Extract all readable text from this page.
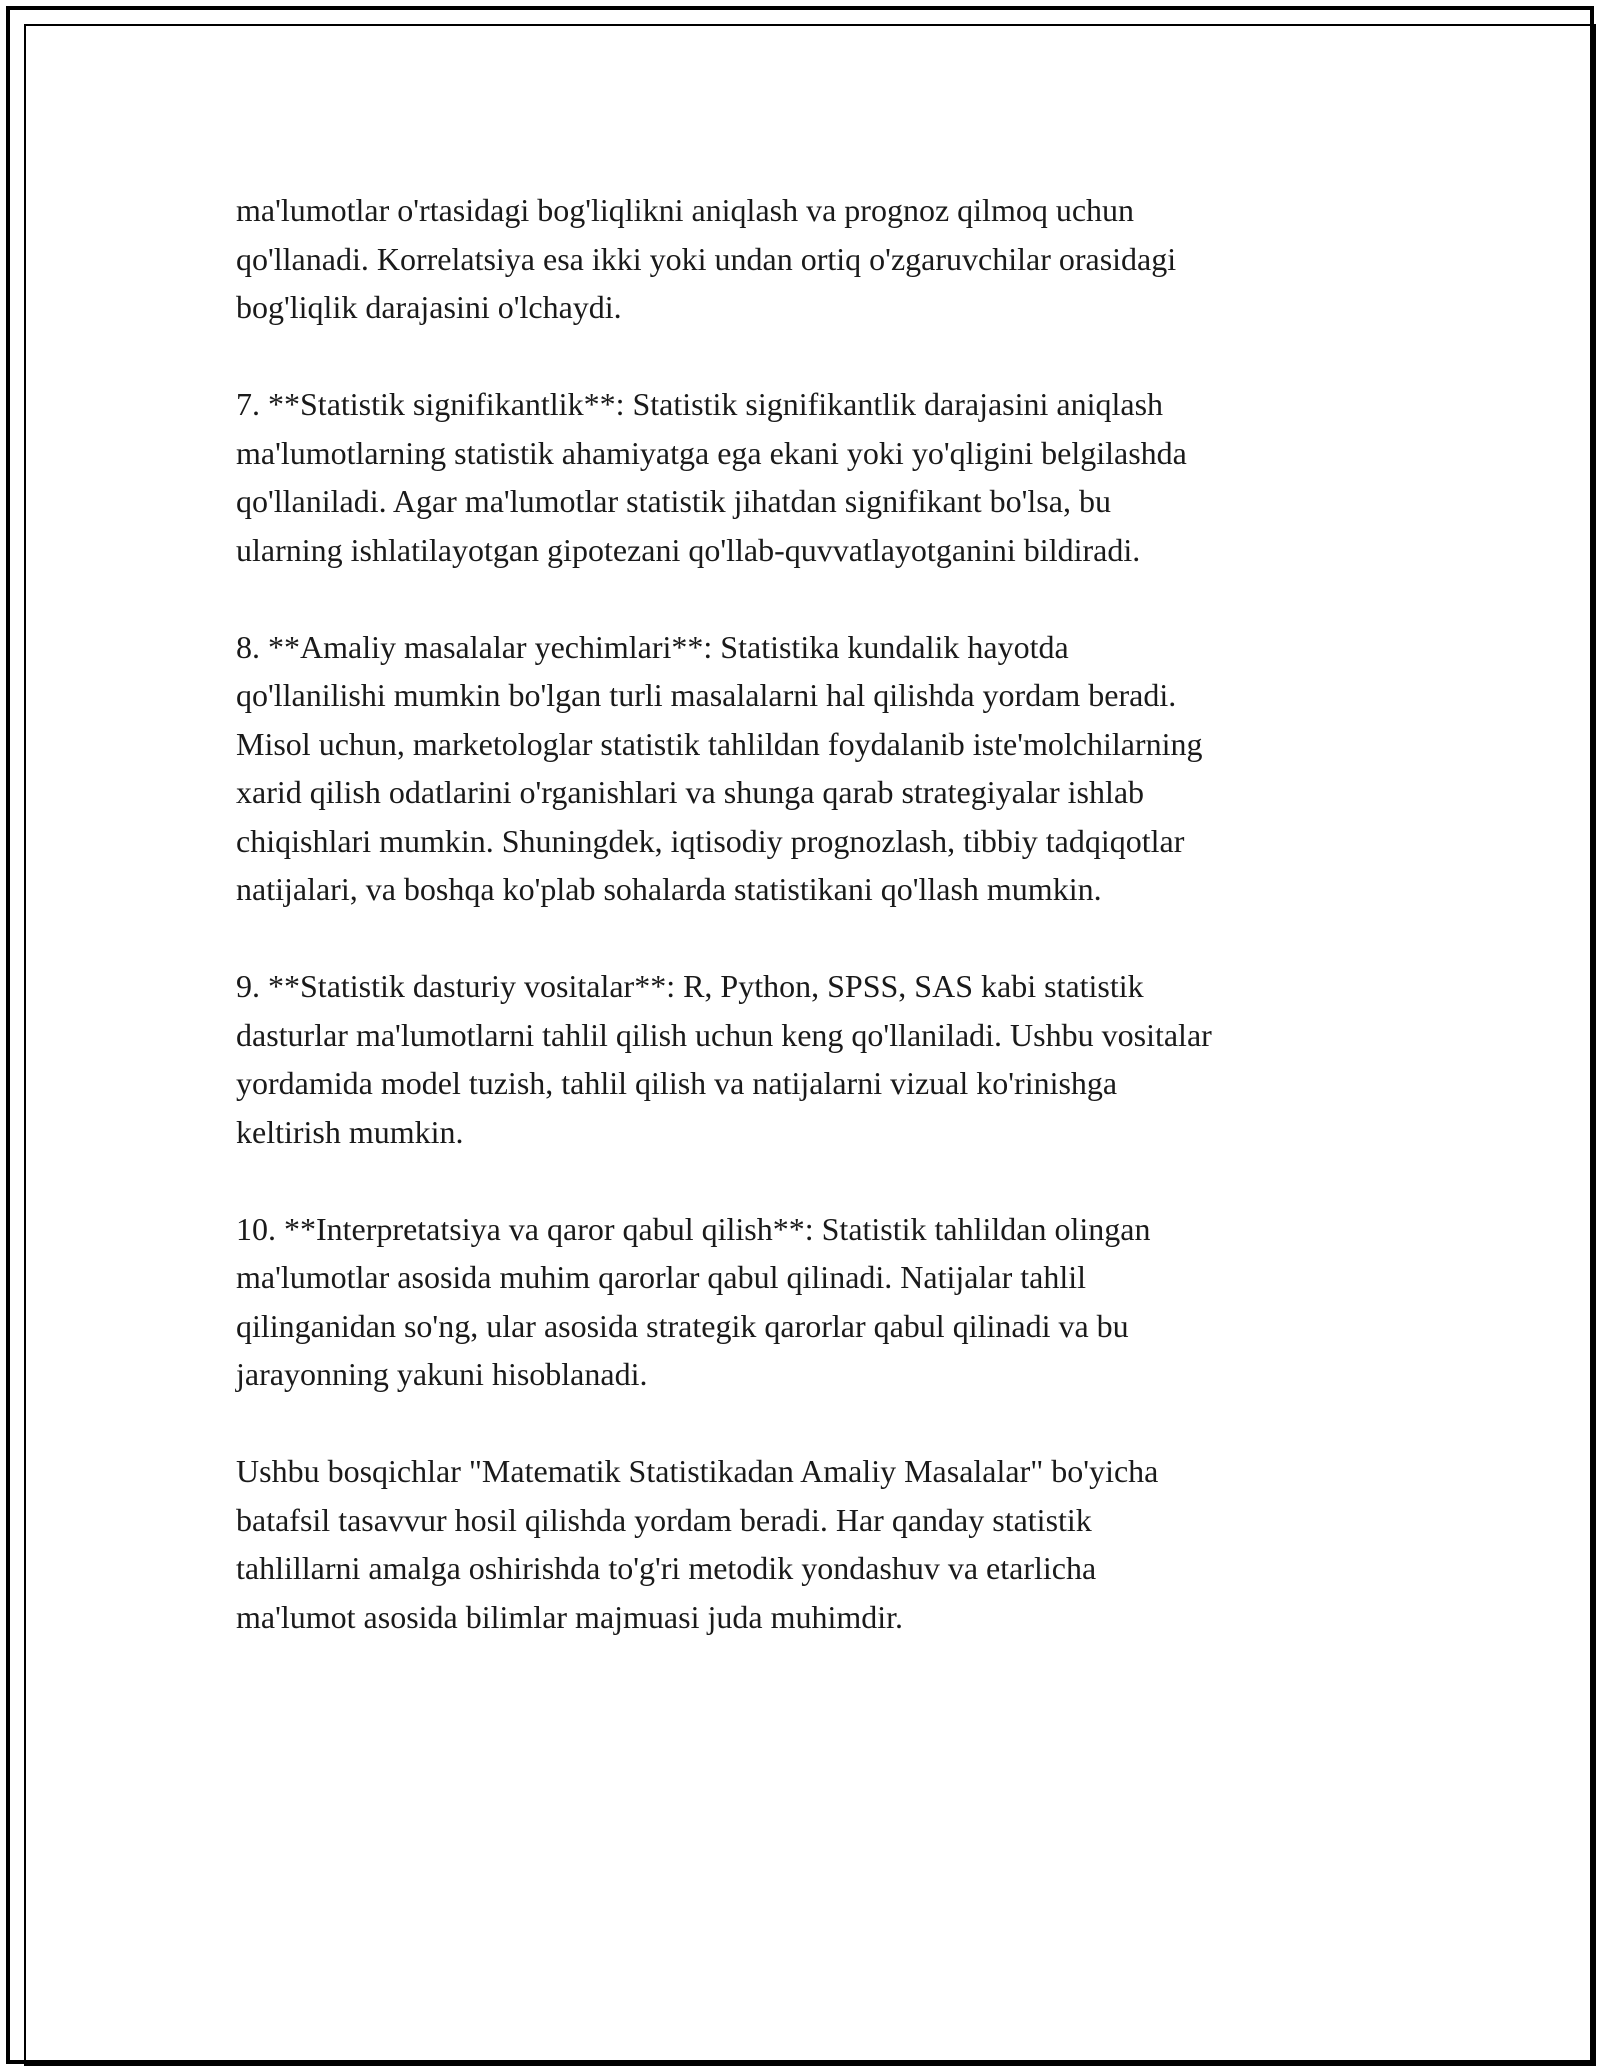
ma'lumotlar o'rtasidagi bog'liqlikni aniqlash va prognoz qilmoq uchun
qo'llanadi. Korrelatsiya esa ikki yoki undan ortiq o'zgaruvchilar orasidagi
bog'liqlik darajasini o'lchaydi.

7. **Statistik signifikantlik**: Statistik signifikantlik darajasini aniqlash
ma'lumotlarning statistik ahamiyatga ega ekani yoki yo'qligini belgilashda
qo'llaniladi. Agar ma'lumotlar statistik jihatdan signifikant bo'lsa, bu
ularning ishlatilayotgan gipotezani qo'llab-quvvatlayotganini bildiradi.

8. **Amaliy masalalar yechimlari**: Statistika kundalik hayotda
qo'llanilishi mumkin bo'lgan turli masalalarni hal qilishda yordam beradi.
Misol uchun, marketologlar statistik tahlildan foydalanib iste'molchilarning
xarid qilish odatlarini o'rganishlari va shunga qarab strategiyalar ishlab
chiqishlari mumkin. Shuningdek, iqtisodiy prognozlash, tibbiy tadqiqotlar
natijalari, va boshqa ko'plab sohalarda statistikani qo'llash mumkin.

9. **Statistik dasturiy vositalar**: R, Python, SPSS, SAS kabi statistik
dasturlar ma'lumotlarni tahlil qilish uchun keng qo'llaniladi. Ushbu vositalar
yordamida model tuzish, tahlil qilish va natijalarni vizual ko'rinishga
keltirish mumkin.

10. **Interpretatsiya va qaror qabul qilish**: Statistik tahlildan olingan
ma'lumotlar asosida muhim qarorlar qabul qilinadi. Natijalar tahlil
qilinganidan so'ng, ular asosida strategik qarorlar qabul qilinadi va bu
jarayonning yakuni hisoblanadi.

Ushbu bosqichlar "Matematik Statistikadan Amaliy Masalalar" bo'yicha
batafsil tasavvur hosil qilishda yordam beradi. Har qanday statistik
tahlillarni amalga oshirishda to'g'ri metodik yondashuv va etarlicha
ma'lumot asosida bilimlar majmuasi juda muhimdir.
